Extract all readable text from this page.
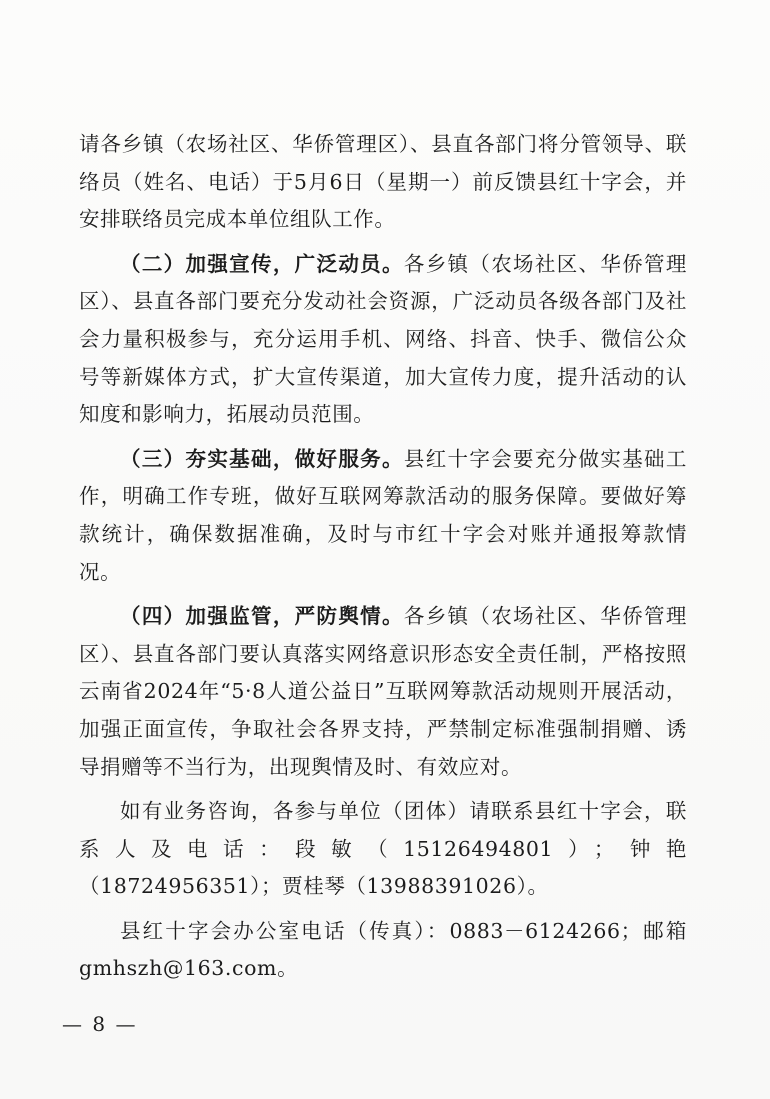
请各乡镇（农场社区、华侨管理区）、县直各部门将分管领导、联络员（姓名、电话）于5月6日（星期一）前反馈县红十字会，并安排联络员完成本单位组队工作。

（二）加强宣传，广泛动员。各乡镇（农场社区、华侨管理区）、县直各部门要充分发动社会资源，广泛动员各级各部门及社会力量积极参与，充分运用手机、网络、抖音、快手、微信公众号等新媒体方式，扩大宣传渠道，加大宣传力度，提升活动的认知度和影响力，拓展动员范围。

（三）夯实基础，做好服务。县红十字会要充分做实基础工作，明确工作专班，做好互联网筹款活动的服务保障。要做好筹款统计，确保数据准确，及时与市红十字会对账并通报筹款情况。

（四）加强监管，严防舆情。各乡镇（农场社区、华侨管理区）、县直各部门要认真落实网络意识形态安全责任制，严格按照云南省2024年“5·8人道公益日”互联网筹款活动规则开展活动，加强正面宣传，争取社会各界支持，严禁制定标准强制捐赠、诱导捐赠等不当行为，出现舆情及时、有效应对。

如有业务咨询，各参与单位（团体）请联系县红十字会，联系人及电话：段敏（15126494801）；钟艳（18724956351）；贾桂琴（13988391026）。

县红十字会办公室电话（传真）：0883－6124266；邮箱gmhszh@163.com。

— 8 —
